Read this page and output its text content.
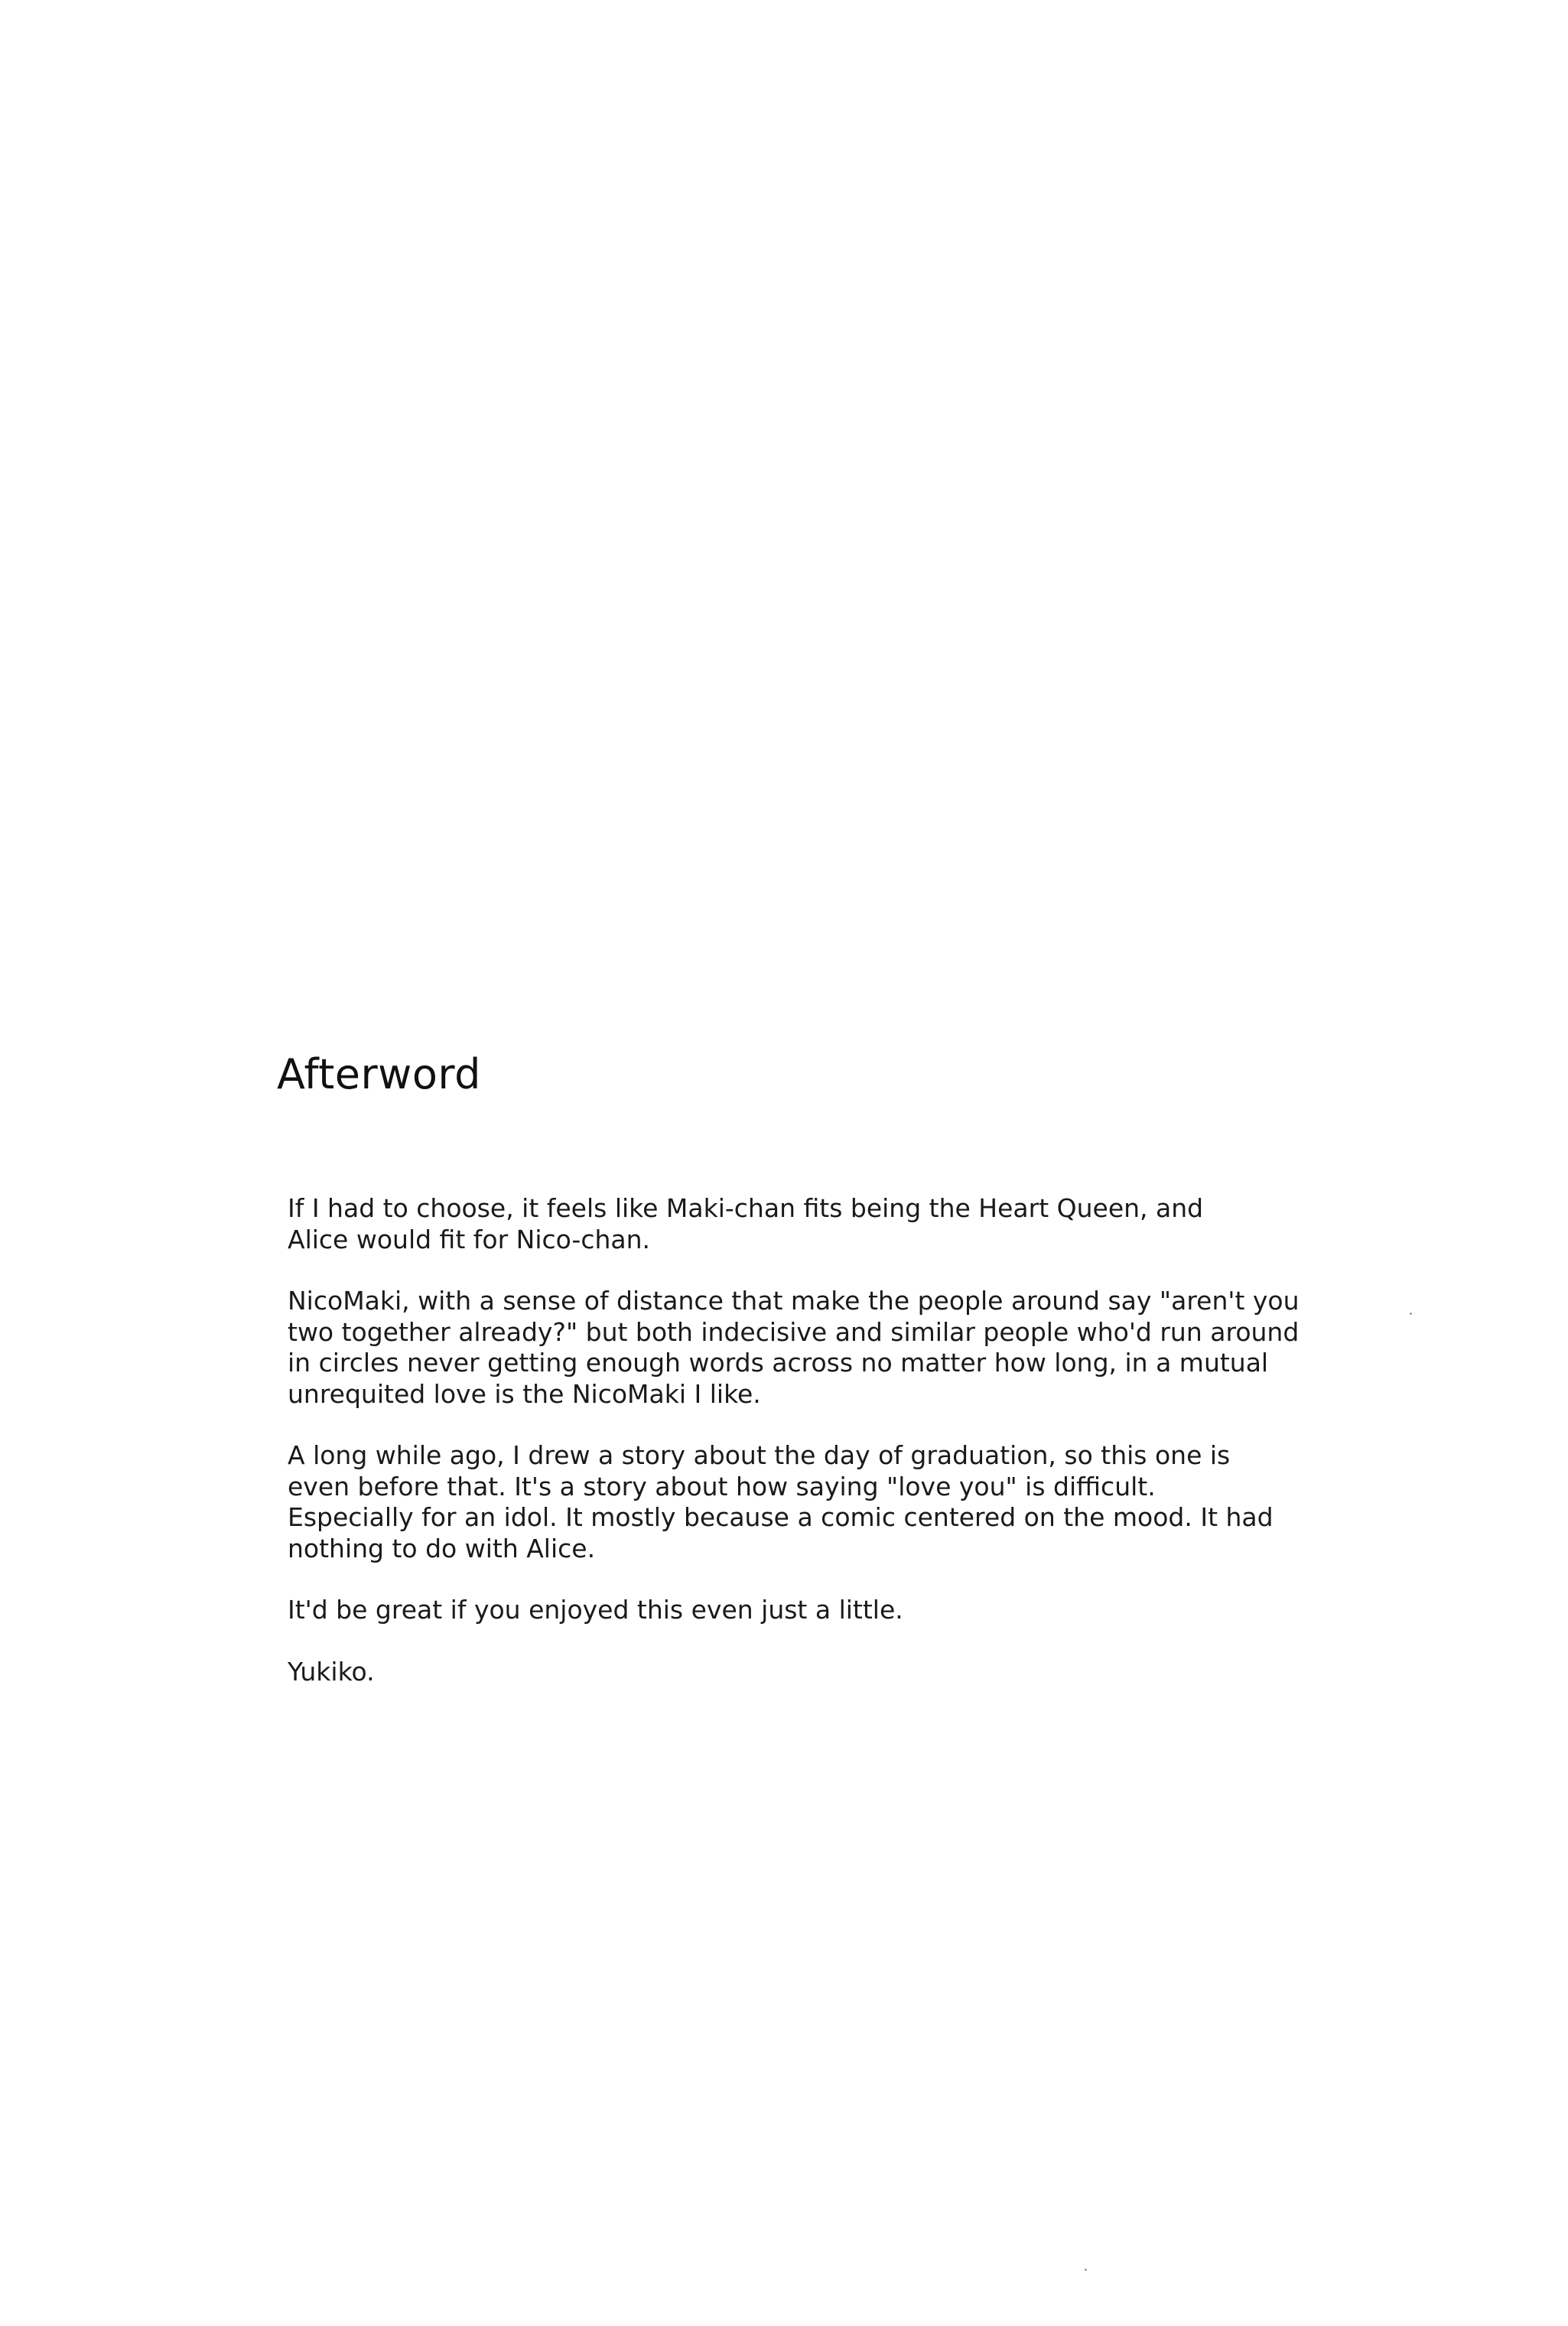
Afterword

If I had to choose, it feels like Maki-chan fits being the Heart Queen, and
Alice would fit for Nico-chan.

NicoMaki, with a sense of distance that make the people around say "aren't you
two together already?" but both indecisive and similar people who'd run around
in circles never getting enough words across no matter how long, in a mutual
unrequited love is the NicoMaki I like.

A long while ago, I drew a story about the day of graduation, so this one is
even before that. It's a story about how saying "love you" is difficult.
Especially for an idol. It mostly because a comic centered on the mood. It had
nothing to do with Alice.

It'd be great if you enjoyed this even just a little.

Yukiko.
